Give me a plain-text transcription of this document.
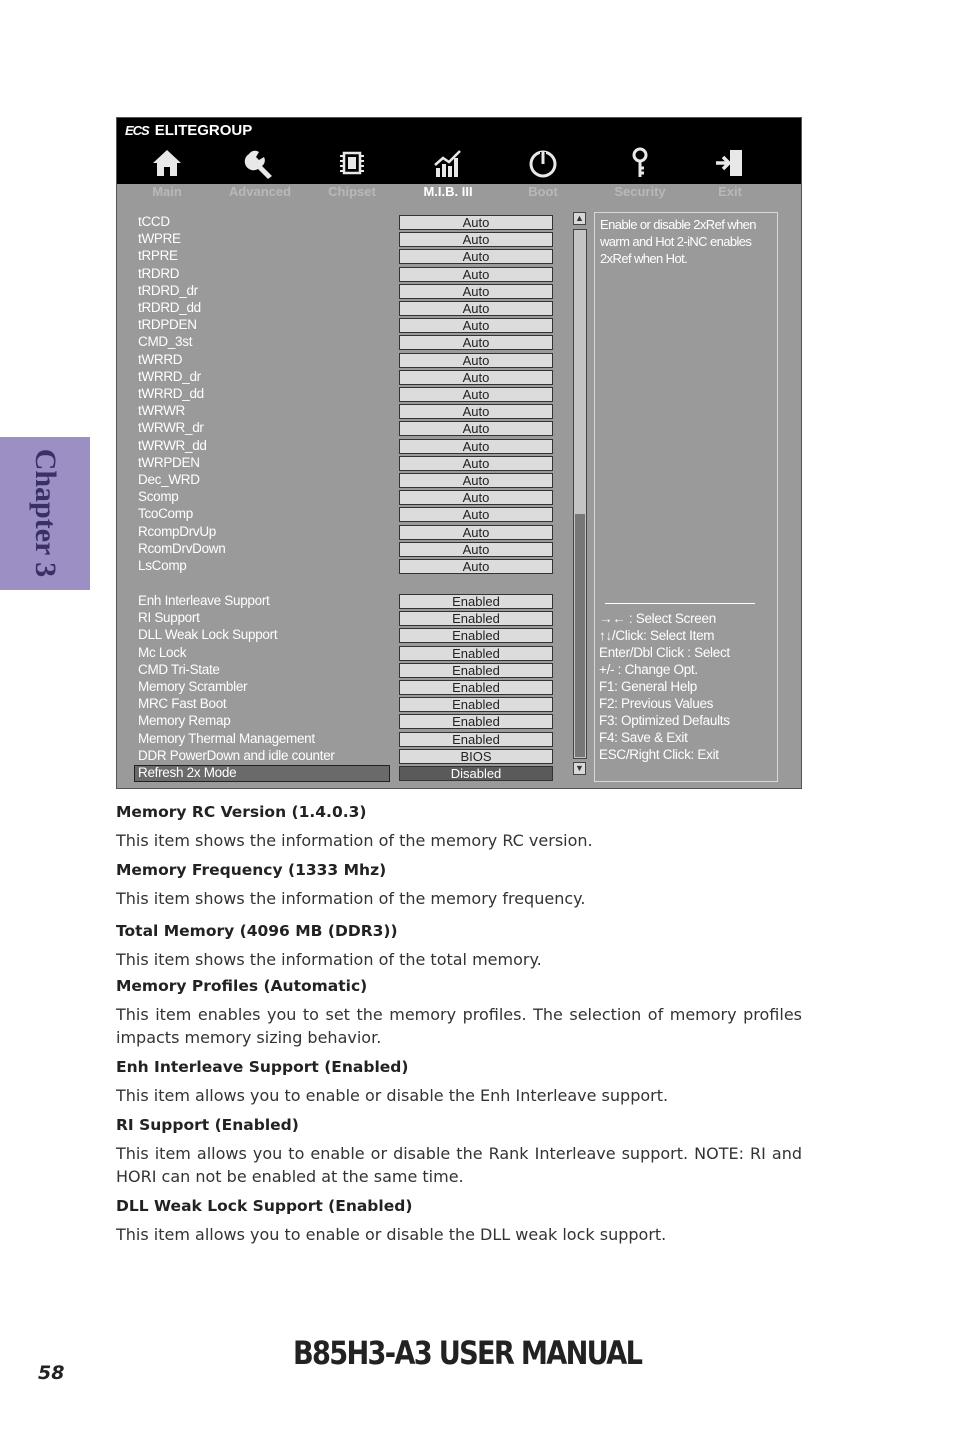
Chapter 3
ECS ELITEGROUP
Main	Advanced	Chipset	M.I.B. III	Boot	Security	Exit
tCCD	Auto
tWPRE	Auto
tRPRE	Auto
tRDRD	Auto
tRDRD_dr	Auto
tRDRD_dd	Auto
tRDPDEN	Auto
CMD_3st	Auto
tWRRD	Auto
tWRRD_dr	Auto
tWRRD_dd	Auto
tWRWR	Auto
tWRWR_dr	Auto
tWRWR_dd	Auto
tWRPDEN	Auto
Dec_WRD	Auto
Scomp	Auto
TcoComp	Auto
RcompDrvUp	Auto
RcomDrvDown	Auto
LsComp	Auto
Enh Interleave Support	Enabled
RI Support	Enabled
DLL Weak Lock Support	Enabled
Mc Lock	Enabled
CMD Tri-State	Enabled
Memory Scrambler	Enabled
MRC Fast Boot	Enabled
Memory Remap	Enabled
Memory Thermal Management	Enabled
DDR PowerDown and idle counter	BIOS
Refresh 2x Mode	Disabled
▲
▼
Enable or disable 2xRef when warm and Hot 2-iNC enables 2xRef when Hot.
→← : Select Screen
↑↓/Click: Select Item
Enter/Dbl Click : Select
+/- : Change Opt.
F1: General Help
F2: Previous Values
F3: Optimized Defaults
F4: Save & Exit
ESC/Right Click: Exit
Memory RC Version (1.4.0.3)
This item shows the information of the memory RC version.
Memory Frequency (1333 Mhz)
This item shows the information of the memory frequency.
Total Memory (4096 MB (DDR3))
This item shows the information of the total memory.
Memory Profiles (Automatic)
This item enables you to set the memory profiles. The selection of memory profiles impacts memory sizing behavior.
Enh Interleave Support (Enabled)
This item allows you to enable or disable the Enh Interleave support.
RI Support (Enabled)
This item allows you to enable or disable the Rank Interleave support. NOTE: RI and HORI can not be enabled at the same time.
DLL Weak Lock Support (Enabled)
This item allows you to enable or disable the DLL weak lock support.
B85H3-A3 USER MANUAL
58
